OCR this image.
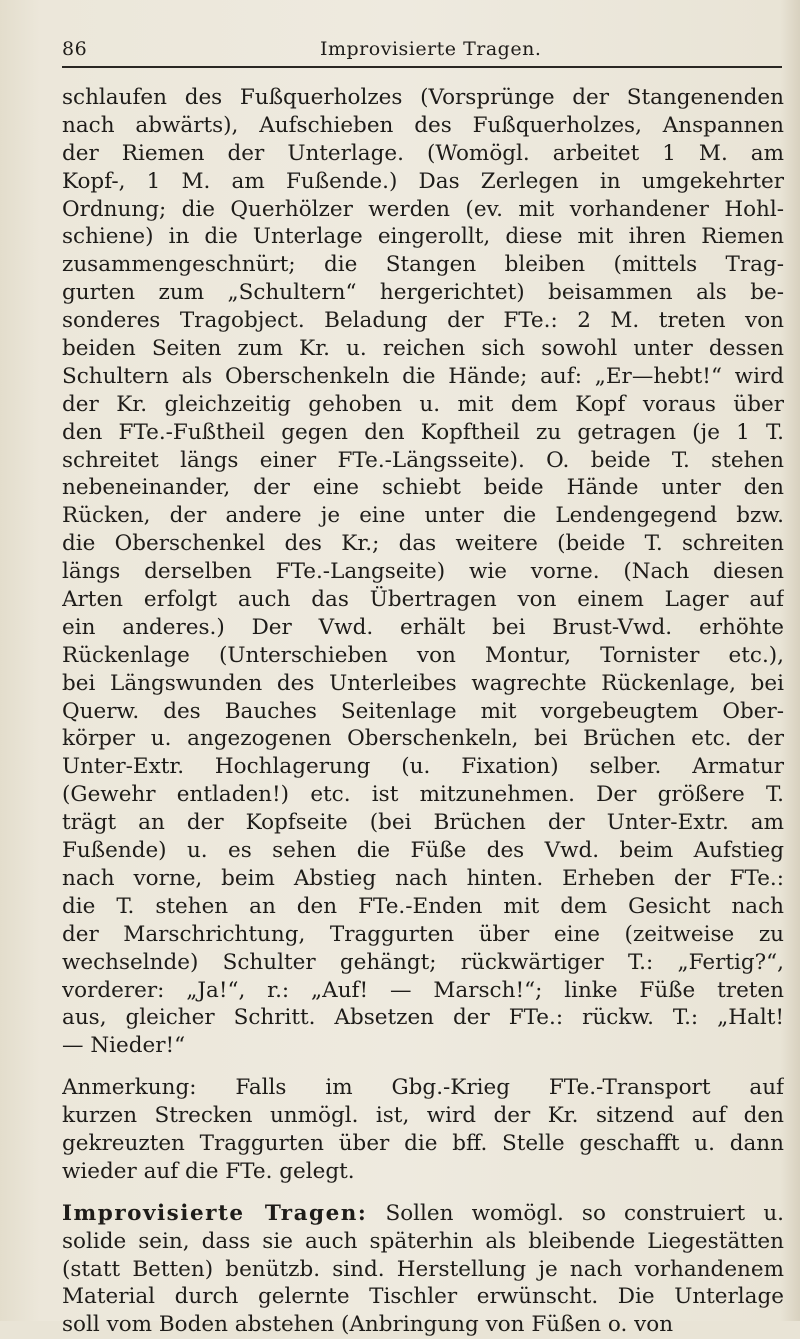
86	Improvisierte Tragen.
schlaufen des Fußquerholzes (Vorsprünge der Stangenenden
nach abwärts), Aufschieben des Fußquerholzes, Anspannen
der Riemen der Unterlage. (Womögl. arbeitet 1 M. am
Kopf-, 1 M. am Fußende.) Das Zerlegen in umgekehrter
Ordnung; die Querhölzer werden (ev. mit vorhandener Hohl-
schiene) in die Unterlage eingerollt, diese mit ihren Riemen
zusammengeschnürt; die Stangen bleiben (mittels Trag-
gurten zum „Schultern“ hergerichtet) beisammen als be-
sonderes Tragobject. Beladung der FTe.: 2 M. treten von
beiden Seiten zum Kr. u. reichen sich sowohl unter dessen
Schultern als Oberschenkeln die Hände; auf: „Er—hebt!“ wird
der Kr. gleichzeitig gehoben u. mit dem Kopf voraus über
den FTe.-Fußtheil gegen den Kopftheil zu getragen (je 1 T.
schreitet längs einer FTe.-Längsseite). O. beide T. stehen
nebeneinander, der eine schiebt beide Hände unter den
Rücken, der andere je eine unter die Lendengegend bzw.
die Oberschenkel des Kr.; das weitere (beide T. schreiten
längs derselben FTe.-Langseite) wie vorne. (Nach diesen
Arten erfolgt auch das Übertragen von einem Lager auf
ein anderes.) Der Vwd. erhält bei Brust-Vwd. erhöhte
Rückenlage (Unterschieben von Montur, Tornister etc.),
bei Längswunden des Unterleibes wagrechte Rückenlage, bei
Querw. des Bauches Seitenlage mit vorgebeugtem Ober-
körper u. angezogenen Oberschenkeln, bei Brüchen etc. der
Unter-Extr. Hochlagerung (u. Fixation) selber. Armatur
(Gewehr entladen!) etc. ist mitzunehmen. Der größere T.
trägt an der Kopfseite (bei Brüchen der Unter-Extr. am
Fußende) u. es sehen die Füße des Vwd. beim Aufstieg
nach vorne, beim Abstieg nach hinten. Erheben der FTe.:
die T. stehen an den FTe.-Enden mit dem Gesicht nach
der Marschrichtung, Traggurten über eine (zeitweise zu
wechselnde) Schulter gehängt; rückwärtiger T.: „Fertig?“,
vorderer: „Ja!“, r.: „Auf! — Marsch!“; linke Füße treten
aus, gleicher Schritt. Absetzen der FTe.: rückw. T.: „Halt!
— Nieder!“
Anmerkung: Falls im Gbg.-Krieg FTe.-Transport auf
kurzen Strecken unmögl. ist, wird der Kr. sitzend auf den
gekreuzten Traggurten über die bff. Stelle geschafft u. dann
wieder auf die FTe. gelegt.
Improvisierte Tragen: Sollen womögl. so construiert u.
solide sein, dass sie auch späterhin als bleibende Liegestätten
(statt Betten) benützb. sind. Herstellung je nach vorhandenem
Material durch gelernte Tischler erwünscht. Die Unterlage
soll vom Boden abstehen (Anbringung von Füßen o. von
